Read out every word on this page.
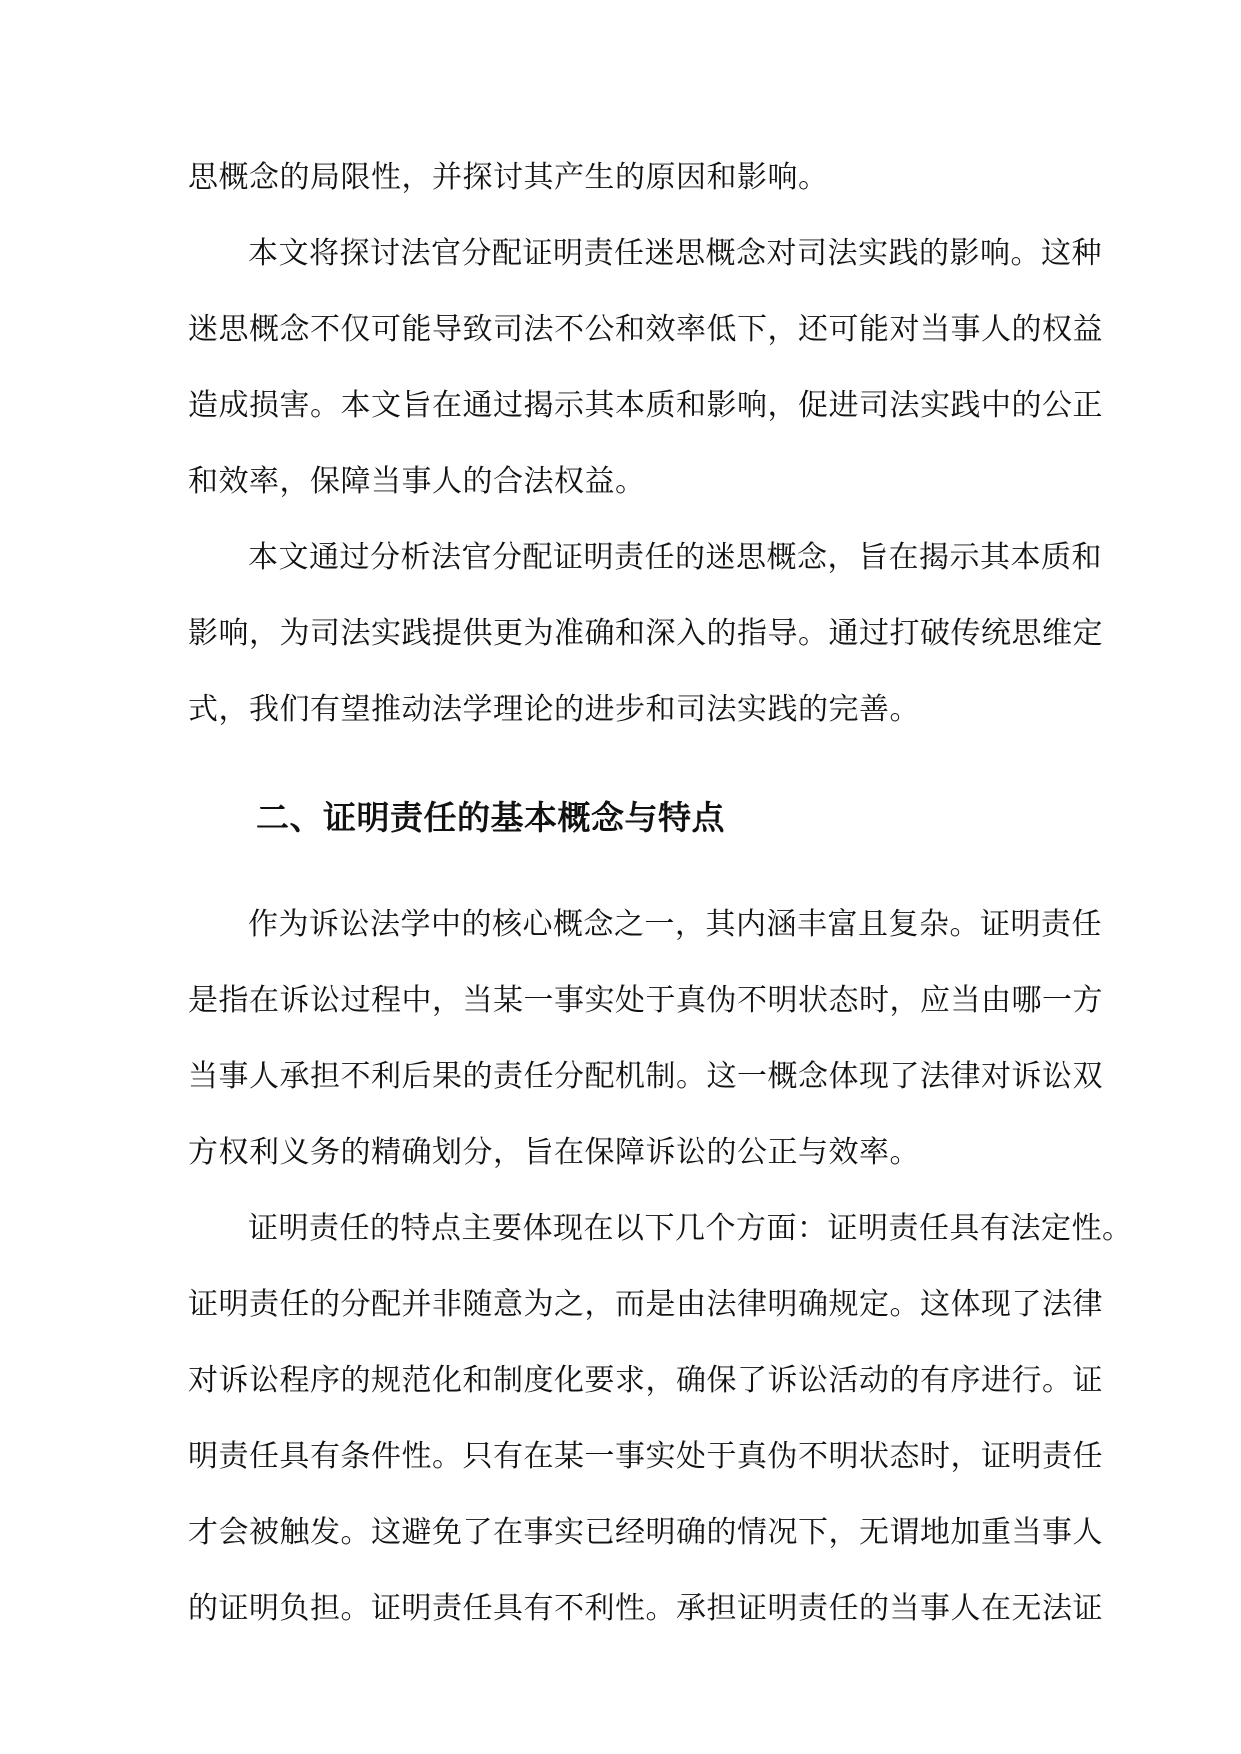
思概念的局限性，并探讨其产生的原因和影响。
本文将探讨法官分配证明责任迷思概念对司法实践的影响。这种
迷思概念不仅可能导致司法不公和效率低下，还可能对当事人的权益
造成损害。本文旨在通过揭示其本质和影响，促进司法实践中的公正
和效率，保障当事人的合法权益。
本文通过分析法官分配证明责任的迷思概念，旨在揭示其本质和
影响，为司法实践提供更为准确和深入的指导。通过打破传统思维定
式，我们有望推动法学理论的进步和司法实践的完善。
二、证明责任的基本概念与特点
作为诉讼法学中的核心概念之一，其内涵丰富且复杂。证明责任
是指在诉讼过程中，当某一事实处于真伪不明状态时，应当由哪一方
当事人承担不利后果的责任分配机制。这一概念体现了法律对诉讼双
方权利义务的精确划分，旨在保障诉讼的公正与效率。
证明责任的特点主要体现在以下几个方面：证明责任具有法定性。
证明责任的分配并非随意为之，而是由法律明确规定。这体现了法律
对诉讼程序的规范化和制度化要求，确保了诉讼活动的有序进行。证
明责任具有条件性。只有在某一事实处于真伪不明状态时，证明责任
才会被触发。这避免了在事实已经明确的情况下，无谓地加重当事人
的证明负担。证明责任具有不利性。承担证明责任的当事人在无法证
